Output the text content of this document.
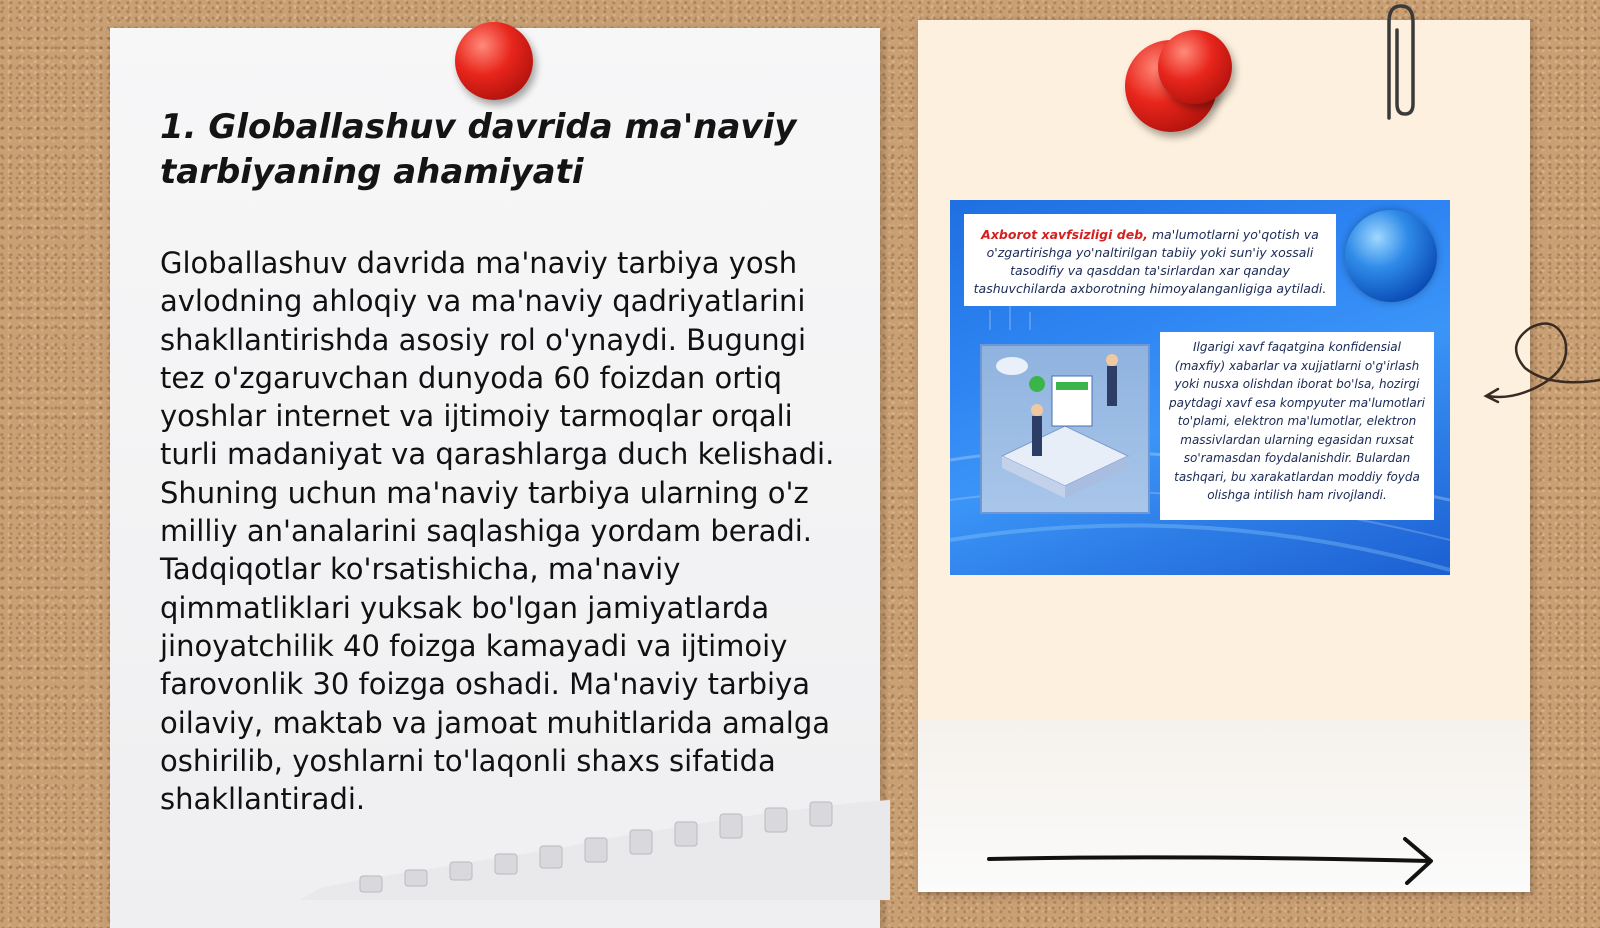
1. Globallashuv davrida ma'naviy tarbiyaning ahamiyati

Globallashuv davrida ma'naviy tarbiya yosh avlodning ahloqiy va ma'naviy qadriyatlarini shakllantirishda asosiy rol o'ynaydi. Bugungi tez o'zgaruvchan dunyoda 60 foizdan ortiq yoshlar internet va ijtimoiy tarmoqlar orqali turli madaniyat va qarashlarga duch kelishadi. Shuning uchun ma'naviy tarbiya ularning o'z milliy an'analarini saqlashiga yordam beradi. Tadqiqotlar ko'rsatishicha, ma'naviy qimmatliklari yuksak bo'lgan jamiyatlarda jinoyatchilik 40 foizga kamayadi va ijtimoiy farovonlik 30 foizga oshadi. Ma'naviy tarbiya oilaviy, maktab va jamoat muhitlarida amalga oshirilib, yoshlarni to'laqonli shaxs sifatida shakllantiradi.

Axborot xavfsizligi deb, ma'lumotlarni yo'qotish va o'zgartirishga yo'naltirilgan tabiiy yoki sun'iy xossali tasodifiy va qasddan ta'sirlardan xar qanday tashuvchilarda axborotning himoyalanganligiga aytiladi.
Ilgarigi xavf faqatgina konfidensial (maxfiy) xabarlar va xujjatlarni o'g'irlash yoki nusxa olishdan iborat bo'lsa, hozirgi paytdagi xavf esa kompyuter ma'lumotlari to'plami, elektron ma'lumotlar, elektron massivlardan ularning egasidan ruxsat so'ramasdan foydalanishdir. Bulardan tashqari, bu xarakatlardan moddiy foyda olishga intilish ham rivojlandi.
